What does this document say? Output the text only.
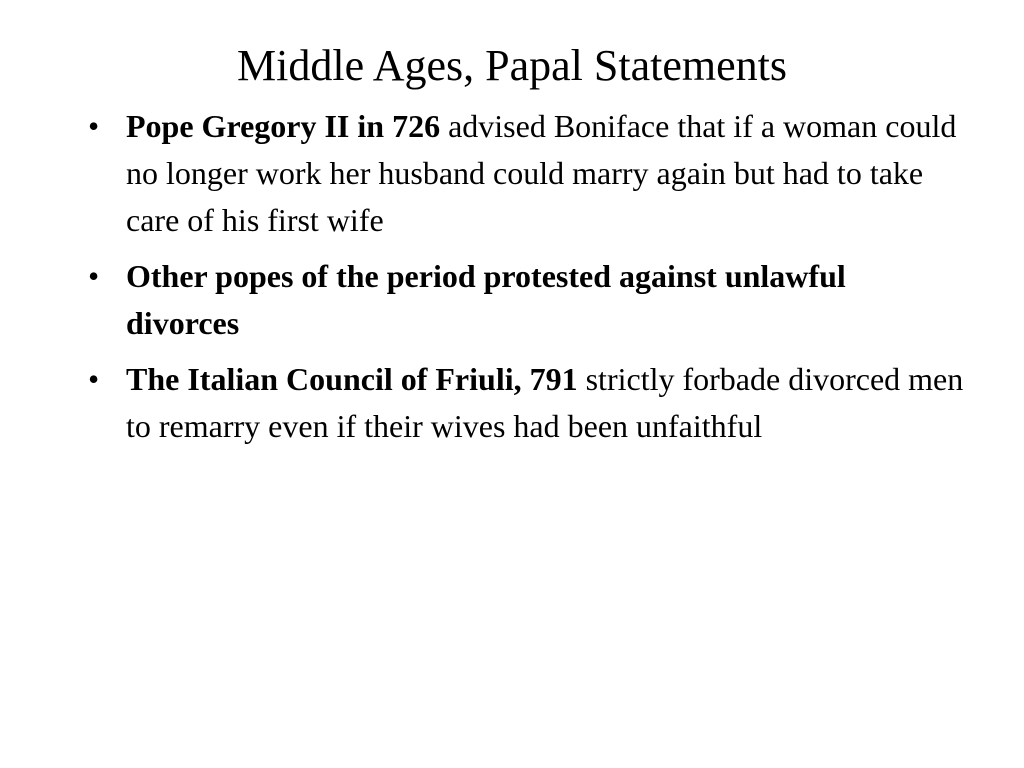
Middle Ages, Papal Statements
• Pope Gregory II in 726 advised Boniface that if a woman could no longer work her husband could marry again but had to take care of his first wife
• Other popes of the period protested against unlawful divorces
• The Italian Council of Friuli, 791 strictly forbade divorced men to remarry even if their wives had been unfaithful
